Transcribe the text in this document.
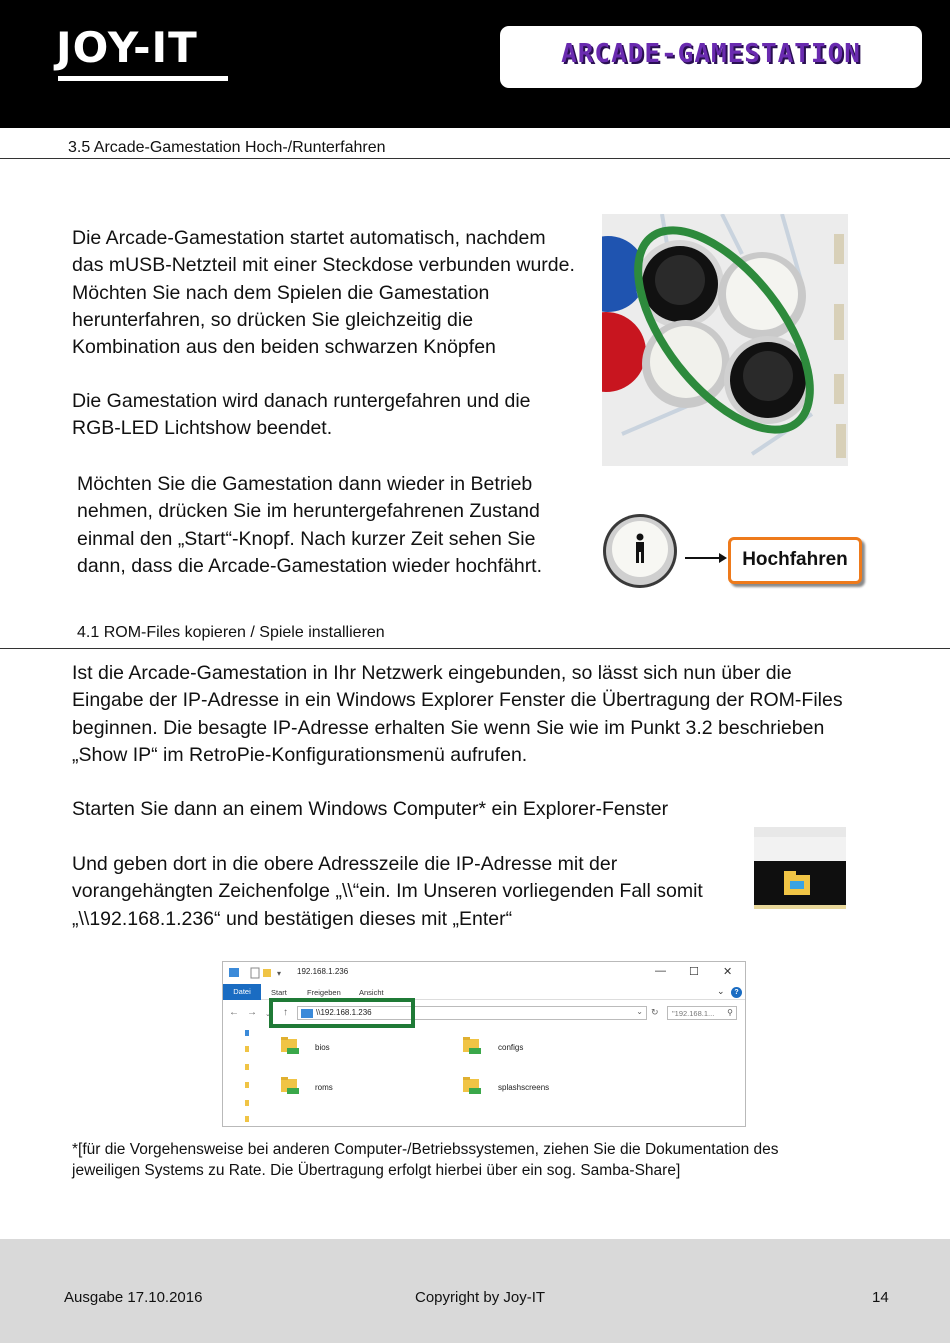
JOY-IT	ARCADE-GAMESTATION
3.5 Arcade-Gamestation Hoch-/Runterfahren
Die Arcade-Gamestation startet automatisch, nachdem
das mUSB-Netzteil mit einer Steckdose verbunden wurde.
Möchten Sie nach dem Spielen die Gamestation
herunterfahren, so drücken Sie gleichzeitig die
Kombination aus den beiden schwarzen Knöpfen
Die Gamestation wird danach runtergefahren und die
RGB-LED Lichtshow beendet.
Möchten Sie die Gamestation dann wieder in Betrieb
nehmen, drücken Sie im heruntergefahrenen Zustand
einmal den „Start“-Knopf. Nach kurzer Zeit sehen Sie
dann, dass die Arcade-Gamestation wieder hochfährt.	Hochfahren
4.1 ROM-Files kopieren / Spiele installieren
Ist die Arcade-Gamestation in Ihr Netzwerk eingebunden, so lässt sich nun über die
Eingabe der IP-Adresse in ein Windows Explorer Fenster die Übertragung der ROM-Files
beginnen. Die besagte IP-Adresse erhalten Sie wenn Sie wie im Punkt 3.2 beschrieben
„Show IP“ im RetroPie-Konfigurationsmenü aufrufen.
Starten Sie dann an einem Windows Computer* ein Explorer-Fenster
Und geben dort in die obere Adresszeile die IP-Adresse mit der
vorangehängten Zeichenfolge „\\“ein. Im Unseren vorliegenden Fall somit
„\\192.168.1.236“ und bestätigen dieses mit „Enter“
▾ 192.168.1.236	— ☐ ✕
Datei	Start	Freigeben Ansicht	⌄	?
← → ⌄ ↑	\\192.168.1.236	⌄ ↻ "192.168.1... ⚲
bios	configs
roms	splashscreens
*[für die Vorgehensweise bei anderen Computer-/Betriebssystemen, ziehen Sie die Dokumentation des
jeweiligen Systems zu Rate. Die Übertragung erfolgt hierbei über ein sog. Samba-Share]
Ausgabe 17.10.2016	Copyright by Joy-IT	14
